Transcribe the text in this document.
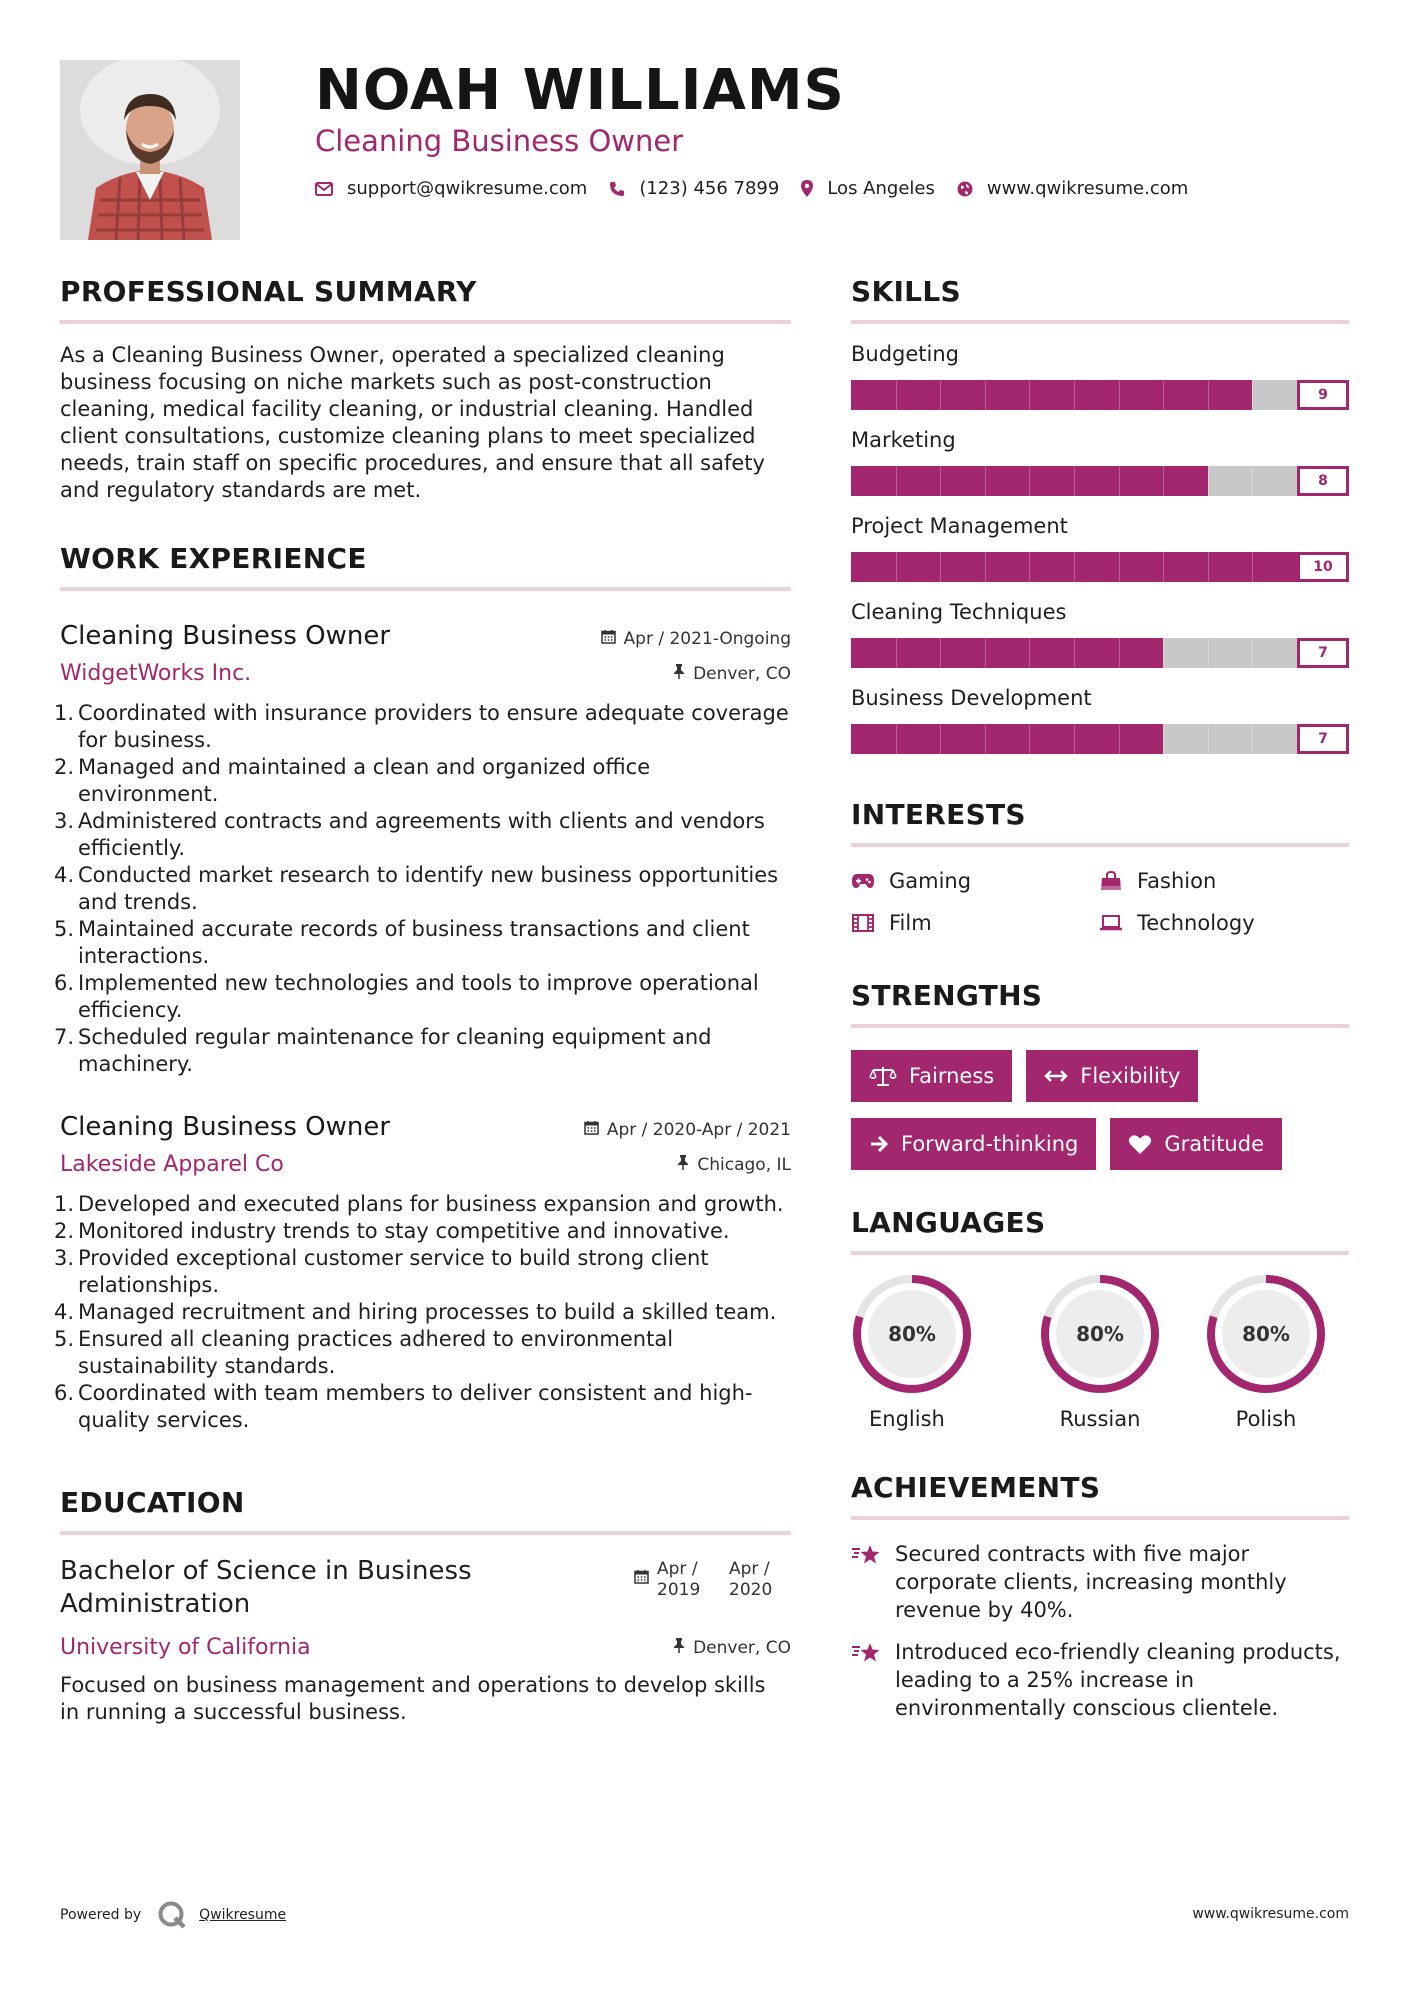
NOAH WILLIAMS
Cleaning Business Owner
support@qwikresume.com	(123) 456 7899	Los Angeles	www.qwikresume.com
PROFESSIONAL SUMMARY

As a Cleaning Business Owner, operated a specialized cleaning business focusing on niche markets such as post-construction cleaning, medical facility cleaning, or industrial cleaning. Handled client consultations, customize cleaning plans to meet specialized needs, train staff on specific procedures, and ensure that all safety and regulatory standards are met.

WORK EXPERIENCE
Cleaning Business Owner	Apr / 2021-Ongoing
WidgetWorks Inc.	Denver, CO
Coordinated with insurance providers to ensure adequate coverage for business.
Managed and maintained a clean and organized office environment.
Administered contracts and agreements with clients and vendors efficiently.
Conducted market research to identify new business opportunities and trends.
Maintained accurate records of business transactions and client interactions.
Implemented new technologies and tools to improve operational efficiency.
Scheduled regular maintenance for cleaning equipment and machinery.
Cleaning Business Owner	Apr / 2020-Apr / 2021
Lakeside Apparel Co	Chicago, IL
Developed and executed plans for business expansion and growth.
Monitored industry trends to stay competitive and innovative.
Provided exceptional customer service to build strong client relationships.
Managed recruitment and hiring processes to build a skilled team.
Ensured all cleaning practices adhered to environmental sustainability standards.
Coordinated with team members to deliver consistent and high-quality services.
EDUCATION
Bachelor of Science in Business Administration
Apr / 2019
Apr / 2020
University of California	Denver, CO

Focused on business management and operations to develop skills in running a successful business.

SKILLS
Budgeting
9
Marketing
8
Project Management
10
Cleaning Techniques
7
Business Development
7
INTERESTS
Gaming	Fashion
Film	Technology
STRENGTHS
Fairness	Flexibility
Forward-thinking	Gratitude
LANGUAGES
80%
English
80%
Russian
80%
Polish
ACHIEVEMENTS
Secured contracts with five major corporate clients, increasing monthly revenue by 40%.
Introduced eco-friendly cleaning products, leading to a 25% increase in environmentally conscious clientele.
Powered by	Qwikresume	www.qwikresume.com
